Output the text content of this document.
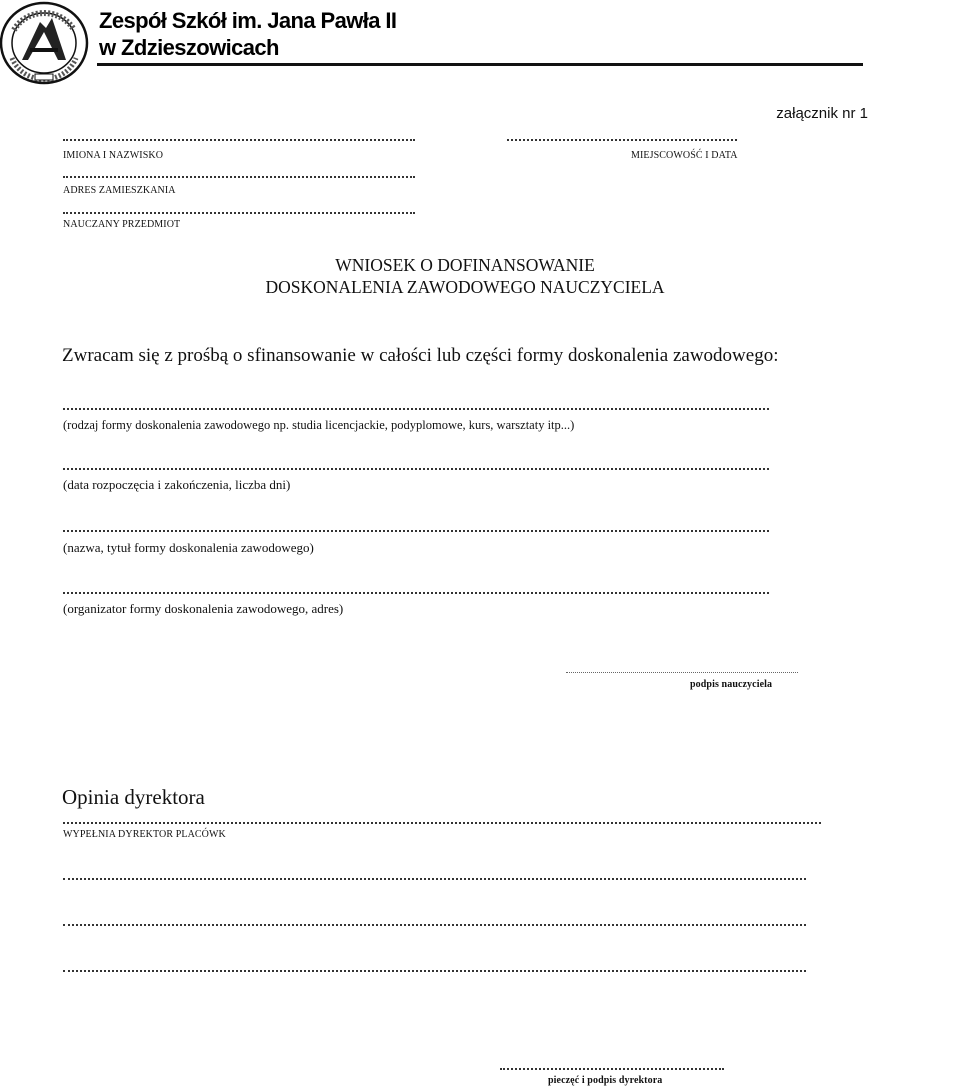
Zespół Szkół im. Jana Pawła II
w Zdzieszowicach
załącznik nr 1
IMIONA I NAZWISKO	MIEJSCOWOŚĆ I DATA
ADRES ZAMIESZKANIA
NAUCZANY PRZEDMIOT
WNIOSEK O DOFINANSOWANIE
DOSKONALENIA ZAWODOWEGO NAUCZYCIELA
Zwracam się z prośbą o sfinansowanie w całości lub części formy doskonalenia zawodowego:
(rodzaj formy doskonalenia zawodowego np. studia licencjackie, podyplomowe, kurs, warsztaty itp...)
(data rozpoczęcia i zakończenia, liczba dni)
(nazwa, tytuł formy doskonalenia zawodowego)
(organizator formy doskonalenia zawodowego, adres)
podpis nauczyciela
Opinia dyrektora
WYPEŁNIA DYREKTOR PLACÓWK
pieczęć i podpis dyrektora
